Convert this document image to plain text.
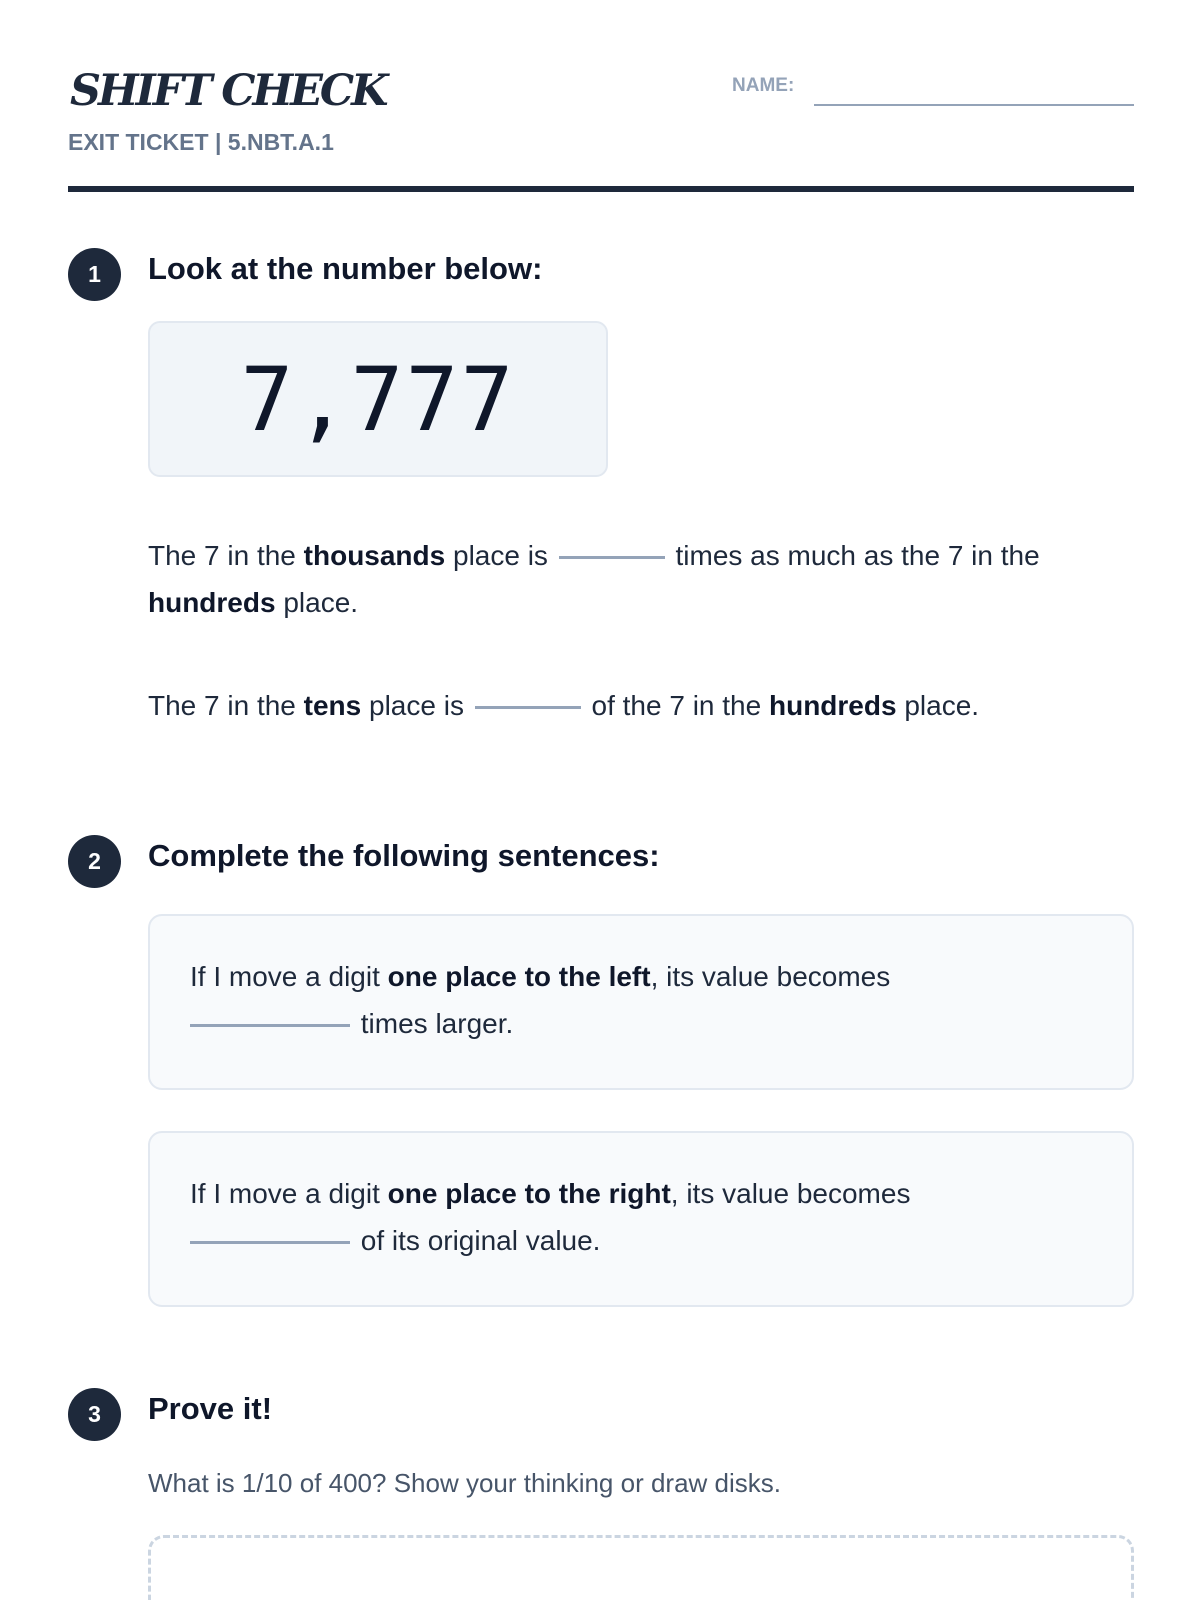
SHIFT CHECK
EXIT TICKET | 5.NBT.A.1
NAME:
1	Look at the number below:
7,777
The 7 in the thousands place is	times as much as the 7 in the hundreds place.
The 7 in the tens place is	of the 7 in the hundreds place.
2	Complete the following sentences:
If I move a digit one place to the left, its value becomes
times larger.
If I move a digit one place to the right, its value becomes
of its original value.
3	Prove it!
What is 1/10 of 400? Show your thinking or draw disks.
